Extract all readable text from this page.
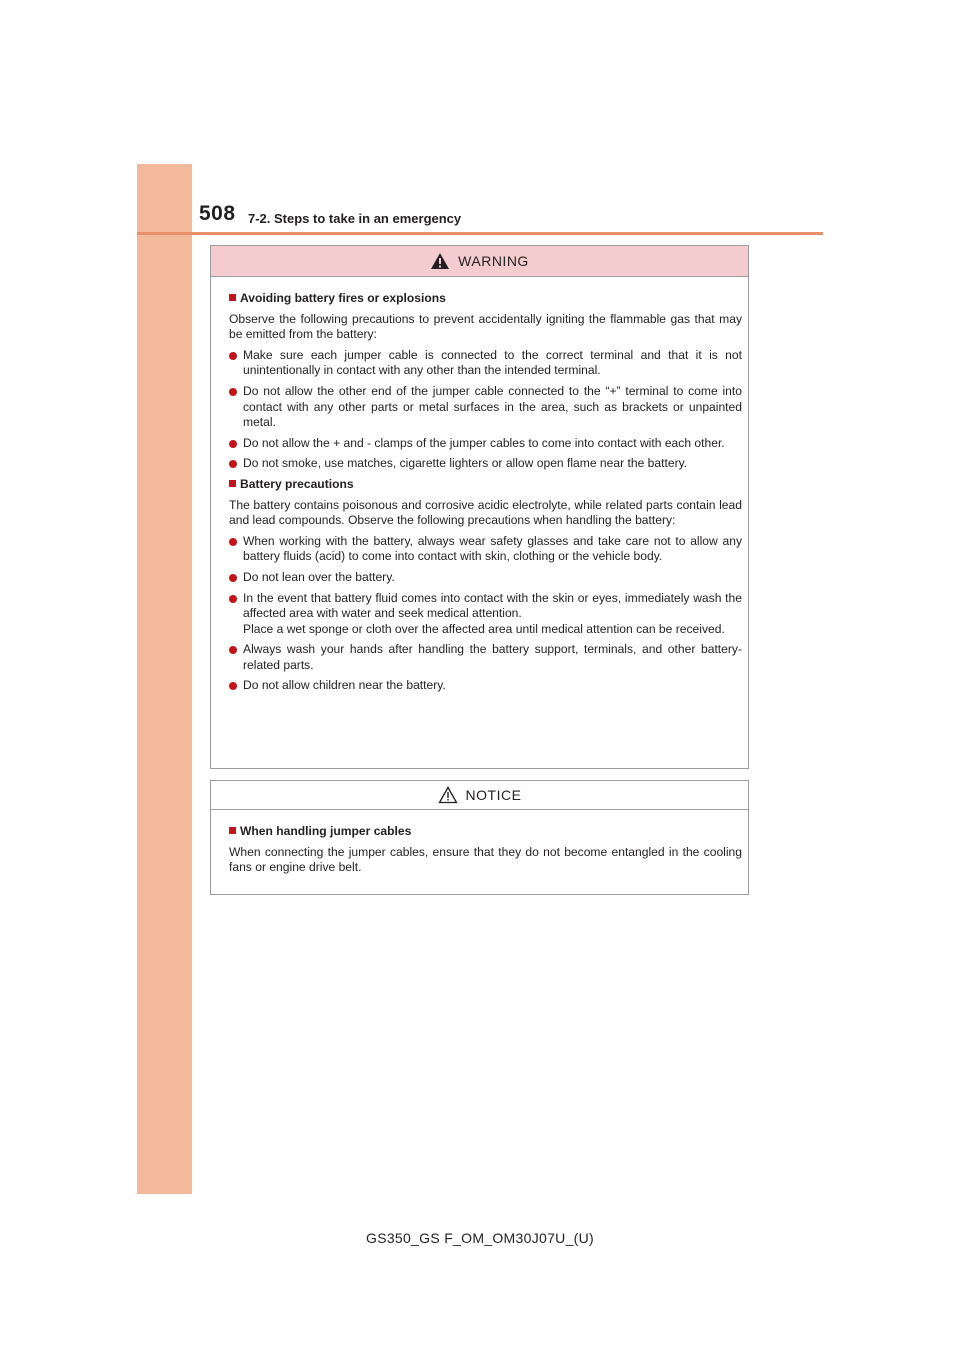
508 7-2. Steps to take in an emergency
WARNING
Avoiding battery fires or explosions
Observe the following precautions to prevent accidentally igniting the flammable gas that may be emitted from the battery:
Make sure each jumper cable is connected to the correct terminal and that it is not unintentionally in contact with any other than the intended terminal.
Do not allow the other end of the jumper cable connected to the “+” terminal to come into contact with any other parts or metal surfaces in the area, such as brackets or unpainted metal.
Do not allow the + and - clamps of the jumper cables to come into contact with each other.
Do not smoke, use matches, cigarette lighters or allow open flame near the battery.
Battery precautions
The battery contains poisonous and corrosive acidic electrolyte, while related parts contain lead and lead compounds. Observe the following precautions when handling the battery:
When working with the battery, always wear safety glasses and take care not to allow any battery fluids (acid) to come into contact with skin, clothing or the vehicle body.
Do not lean over the battery.
In the event that battery fluid comes into contact with the skin or eyes, immediately wash the affected area with water and seek medical attention.
Place a wet sponge or cloth over the affected area until medical attention can be received.
Always wash your hands after handling the battery support, terminals, and other battery-related parts.
Do not allow children near the battery.
NOTICE
When handling jumper cables
When connecting the jumper cables, ensure that they do not become entangled in the cooling fans or engine drive belt.
GS350_GS F_OM_OM30J07U_(U)
